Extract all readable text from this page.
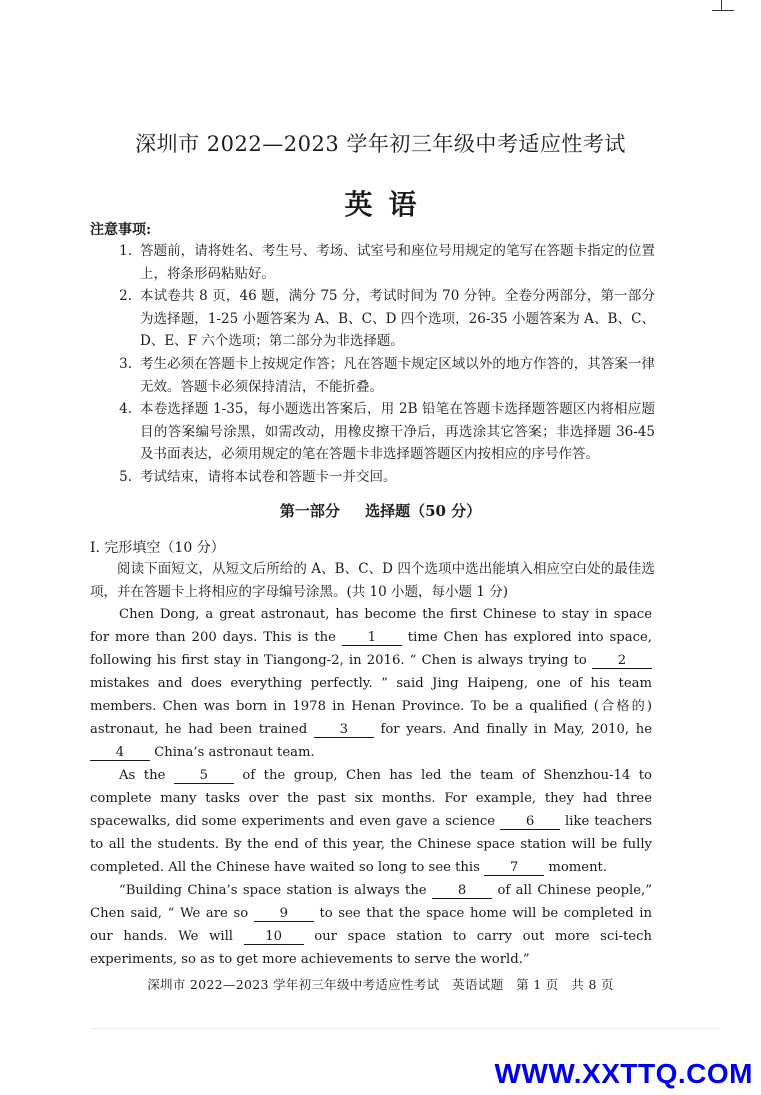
深圳市 2022—2023 学年初三年级中考适应性考试
英语
注意事项:
1. 答题前，请将姓名、考生号、考场、试室号和座位号用规定的笔写在答题卡指定的位置上，将条形码粘贴好。
2. 本试卷共 8 页，46 题，满分 75 分，考试时间为 70 分钟。全卷分两部分，第一部分为选择题，1-25 小题答案为 A、B、C、D 四个选项，26-35 小题答案为 A、B、C、D、E、F 六个选项；第二部分为非选择题。
3. 考生必须在答题卡上按规定作答；凡在答题卡规定区域以外的地方作答的，其答案一律无效。答题卡必须保持清洁，不能折叠。
4. 本卷选择题 1-35，每小题选出答案后，用 2B 铅笔在答题卡选择题答题区内将相应题目的答案编号涂黑，如需改动，用橡皮擦干净后，再选涂其它答案；非选择题 36-45 及书面表达，必须用规定的笔在答题卡非选择题答题区内按相应的序号作答。
5. 考试结束，请将本试卷和答题卡一并交回。
第一部分 选择题（50 分）
I. 完形填空（10 分）
阅读下面短文，从短文后所给的 A、B、C、D 四个选项中选出能填入相应空白处的最佳选项，并在答题卡上将相应的字母编号涂黑。(共 10 小题，每小题 1 分)

Chen Dong, a great astronaut, has become the first Chinese to stay in space for more than 200 days. This is the 1 time Chen has explored into space, following his first stay in Tiangong-2, in 2016. “ Chen is always trying to 2 mistakes and does everything perfectly. ” said Jing Haipeng, one of his team members. Chen was born in 1978 in Henan Province. To be a qualified (合格的) astronaut, he had been trained 3 for years. And finally in May, 2010, he 4 China’s astronaut team.

As the	5	of the group, Chen has led the team of Shenzhou-14 to complete many tasks over the past six months. For example, they had three spacewalks, did some experiments and even gave a science 6 like teachers to all the students. By the end of this year, the Chinese space station will be fully completed. All the Chinese have waited so long to see this 7 moment.

“Building China’s space station is always the 8 of all Chinese people,” Chen said, “ We are so 9 to see that the space home will be completed in our hands. We will 10 our space station to carry out more sci-tech experiments, so as to get more achievements to serve the world.”

深圳市 2022—2023 学年初三年级中考适应性考试　英语试题　第 1 页　共 8 页
WWW.XXTTQ.COM
